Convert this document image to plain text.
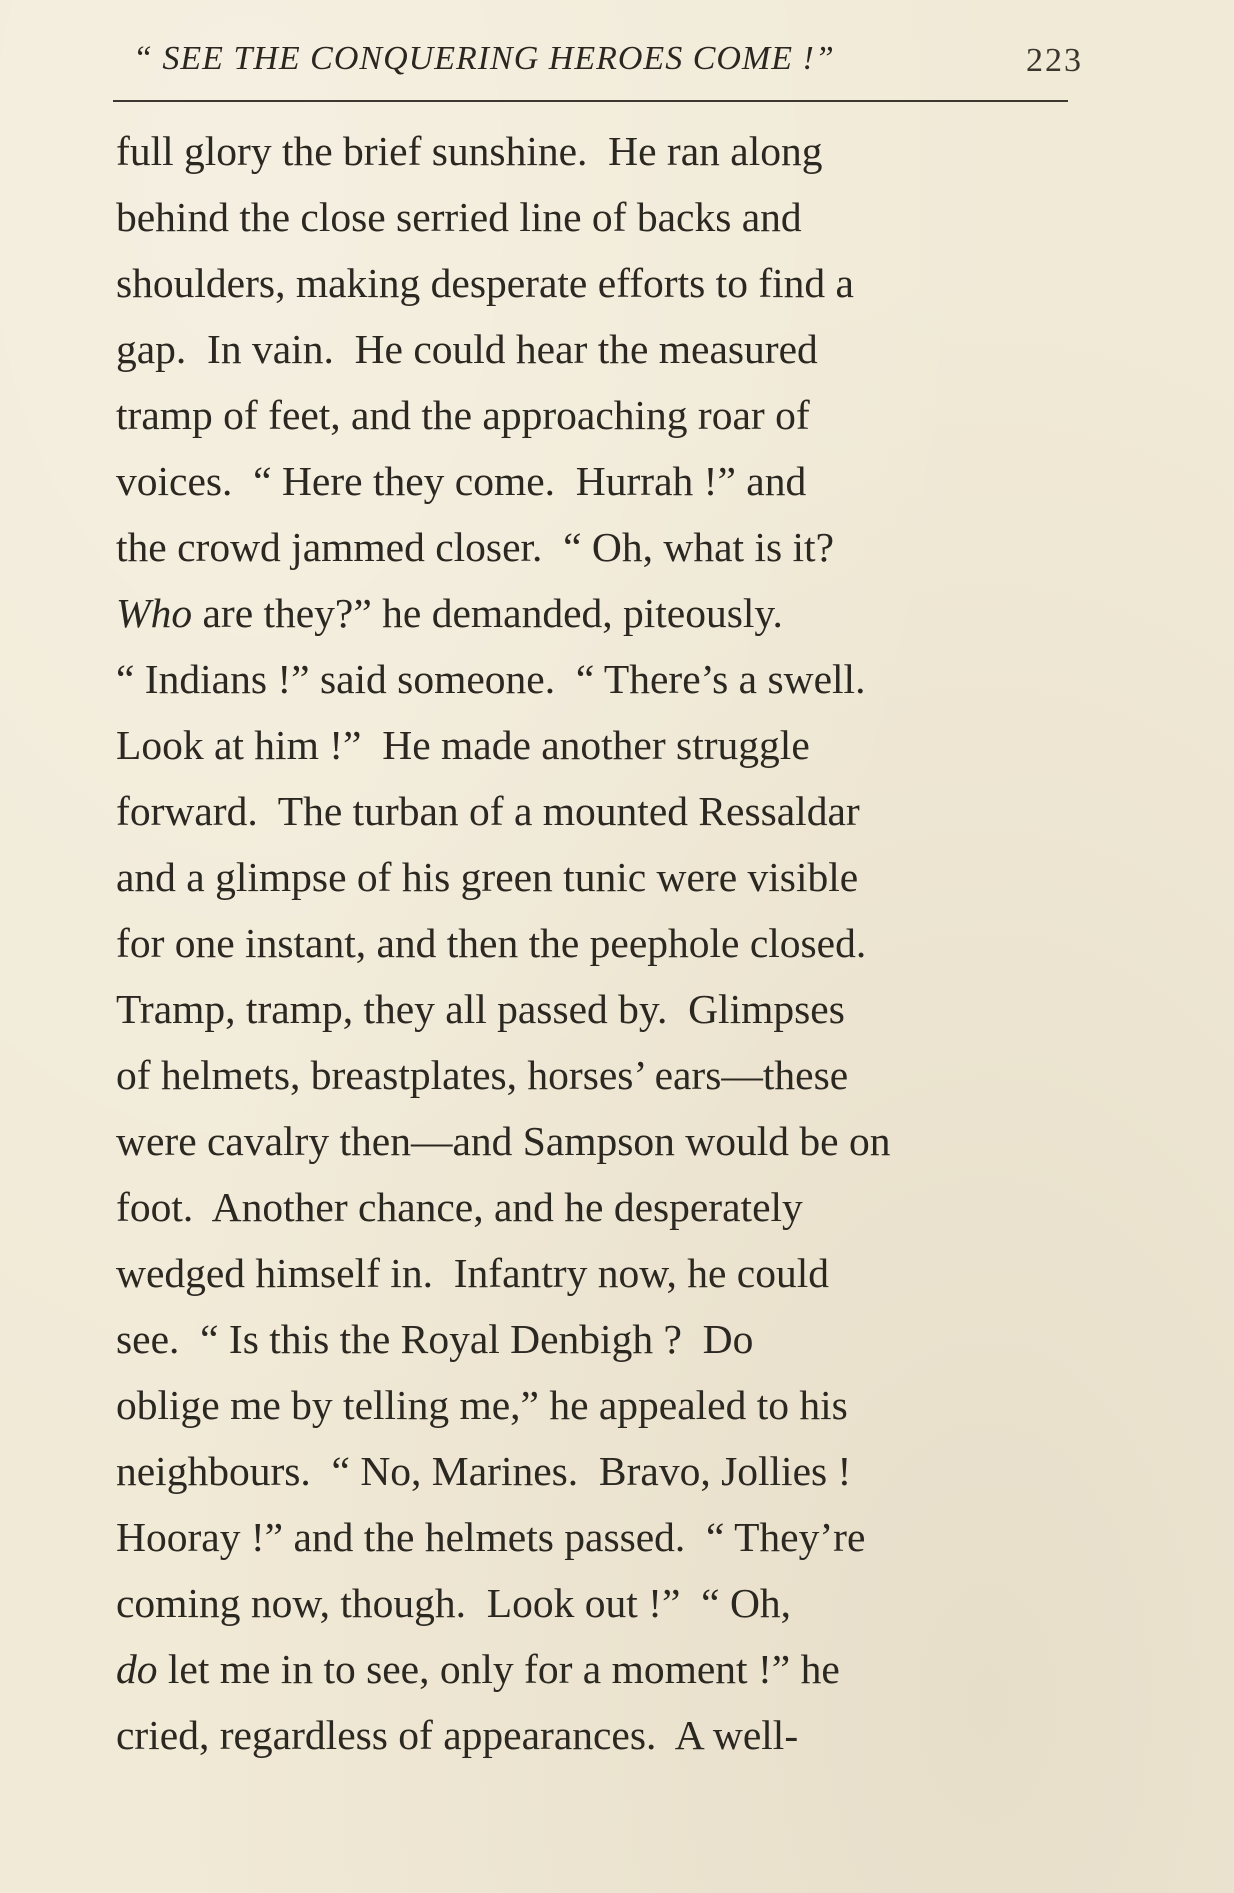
“ SEE THE CONQUERING HEROES COME !”	223
full glory the brief sunshine.  He ran along
behind the close serried line of backs and
shoulders, making desperate efforts to find a
gap.  In vain.  He could hear the measured
tramp of feet, and the approaching roar of
voices.  “ Here they come.  Hurrah !” and
the crowd jammed closer.  “ Oh, what is it?
Who are they?” he demanded, piteously.
“ Indians !” said someone.  “ There’s a swell.
Look at him !”  He made another struggle
forward.  The turban of a mounted Ressaldar
and a glimpse of his green tunic were visible
for one instant, and then the peephole closed.
Tramp, tramp, they all passed by.  Glimpses
of helmets, breastplates, horses’ ears—these
were cavalry then—and Sampson would be on
foot.  Another chance, and he desperately
wedged himself in.  Infantry now, he could
see.  “ Is this the Royal Denbigh ?  Do
oblige me by telling me,” he appealed to his
neighbours.  “ No, Marines.  Bravo, Jollies !
Hooray !” and the helmets passed.  “ They’re
coming now, though.  Look out !”  “ Oh,
do let me in to see, only for a moment !” he
cried, regardless of appearances.  A well-
